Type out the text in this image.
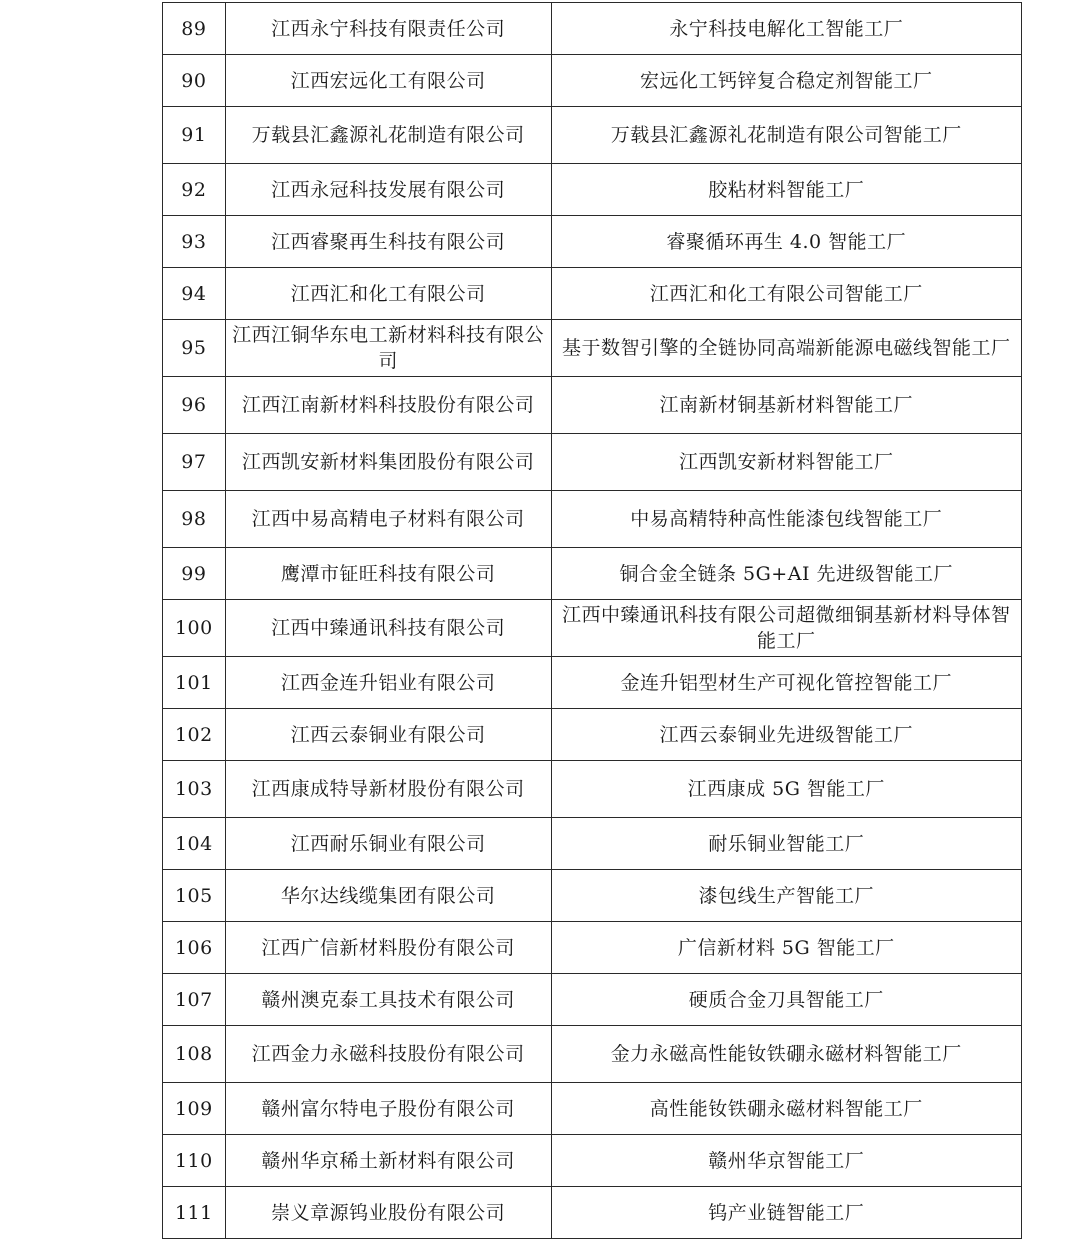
89	江西永宁科技有限责任公司	永宁科技电解化工智能工厂
90	江西宏远化工有限公司	宏远化工钙锌复合稳定剂智能工厂
91	万载县汇鑫源礼花制造有限公司	万载县汇鑫源礼花制造有限公司智能工厂
92	江西永冠科技发展有限公司	胶粘材料智能工厂
93	江西睿聚再生科技有限公司	睿聚循环再生 4.0 智能工厂
94	江西汇和化工有限公司	江西汇和化工有限公司智能工厂
95	江西江铜华东电工新材料科技有限公司	基于数智引擎的全链协同高端新能源电磁线智能工厂
96	江西江南新材料科技股份有限公司	江南新材铜基新材料智能工厂
97	江西凯安新材料集团股份有限公司	江西凯安新材料智能工厂
98	江西中易高精电子材料有限公司	中易高精特种高性能漆包线智能工厂
99	鹰潭市钲旺科技有限公司	铜合金全链条 5G+AI 先进级智能工厂
100	江西中臻通讯科技有限公司	江西中臻通讯科技有限公司超微细铜基新材料导体智能工厂
101	江西金连升铝业有限公司	金连升铝型材生产可视化管控智能工厂
102	江西云泰铜业有限公司	江西云泰铜业先进级智能工厂
103	江西康成特导新材股份有限公司	江西康成 5G 智能工厂
104	江西耐乐铜业有限公司	耐乐铜业智能工厂
105	华尔达线缆集团有限公司	漆包线生产智能工厂
106	江西广信新材料股份有限公司	广信新材料 5G 智能工厂
107	赣州澳克泰工具技术有限公司	硬质合金刀具智能工厂
108	江西金力永磁科技股份有限公司	金力永磁高性能钕铁硼永磁材料智能工厂
109	赣州富尔特电子股份有限公司	高性能钕铁硼永磁材料智能工厂
110	赣州华京稀土新材料有限公司	赣州华京智能工厂
111	崇义章源钨业股份有限公司	钨产业链智能工厂
